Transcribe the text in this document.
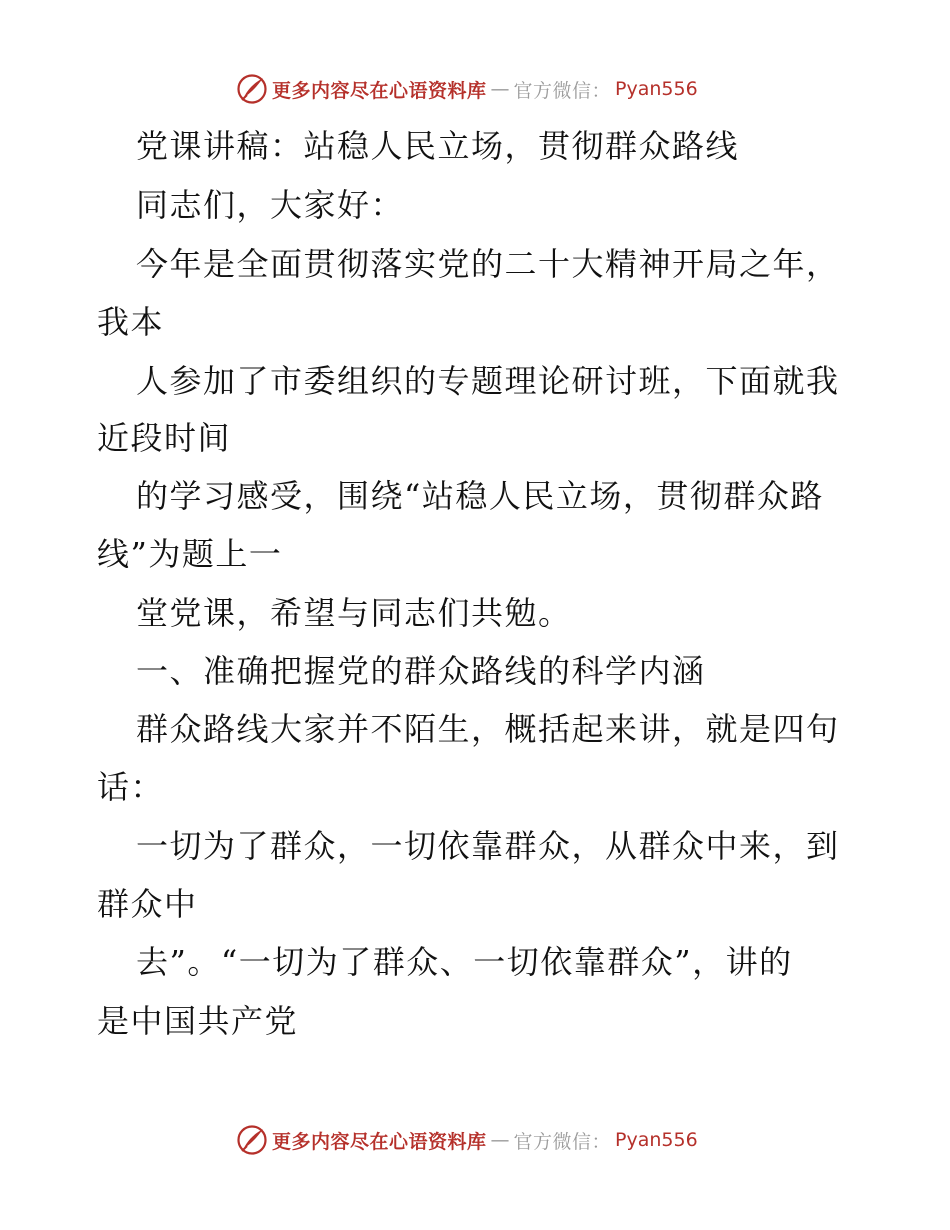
更多内容尽在心语资料库 — 官方微信： Pyan556
党课讲稿：站稳人民立场，贯彻群众路线
同志们，大家好：
今年是全面贯彻落实党的二十大精神开局之年，
我本
人参加了市委组织的专题理论研讨班，下面就我
近段时间
的学习感受，围绕“站稳人民立场，贯彻群众路
线”为题上一
堂党课，希望与同志们共勉。
一、准确把握党的群众路线的科学内涵
群众路线大家并不陌生，概括起来讲，就是四句
话：
一切为了群众，一切依靠群众，从群众中来，到
群众中
去”。“一切为了群众、一切依靠群众”，讲的
是中国共产党
更多内容尽在心语资料库 — 官方微信： Pyan556
